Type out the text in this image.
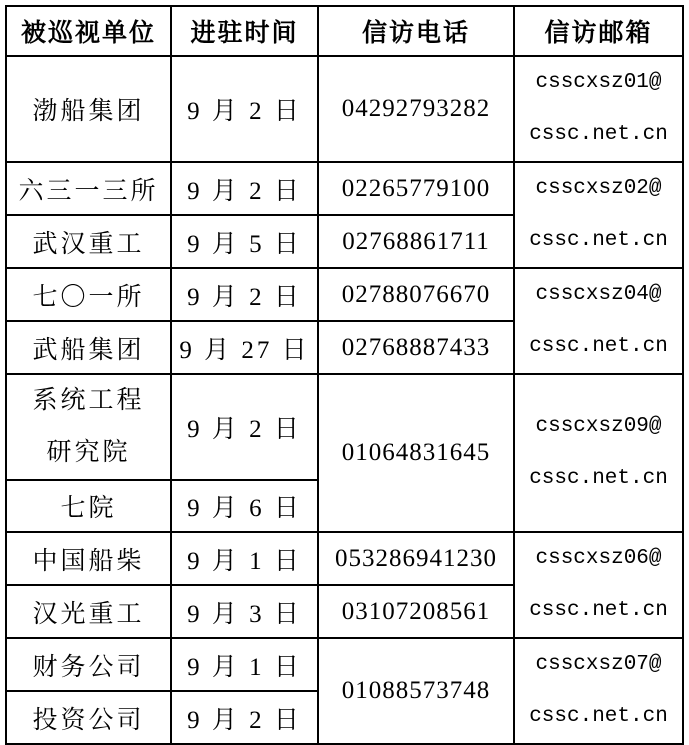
被巡视单位	进驻时间	信访电话	信访邮箱
渤船集团	9 月 2 日	04292793282	csscxsz01@
cssc.net.cn

六三一三所	9 月 2 日	02265779100	csscxsz02@
cssc.net.cn

武汉重工	9 月 5 日	02768861711	
七〇一所	9 月 2 日	02788076670	csscxsz04@
cssc.net.cn

武船集团	9 月 27 日	02768887433	

系统工程
研究院	9 月 2 日	01064831645	csscxsz09@
cssc.net.cn

七院	9 月 6 日		
中国船柴	9 月 1 日	053286941230	csscxsz06@
cssc.net.cn

汉光重工	9 月 3 日	03107208561	
财务公司	9 月 1 日	01088573748	csscxsz07@
cssc.net.cn

投资公司	9 月 2 日		
